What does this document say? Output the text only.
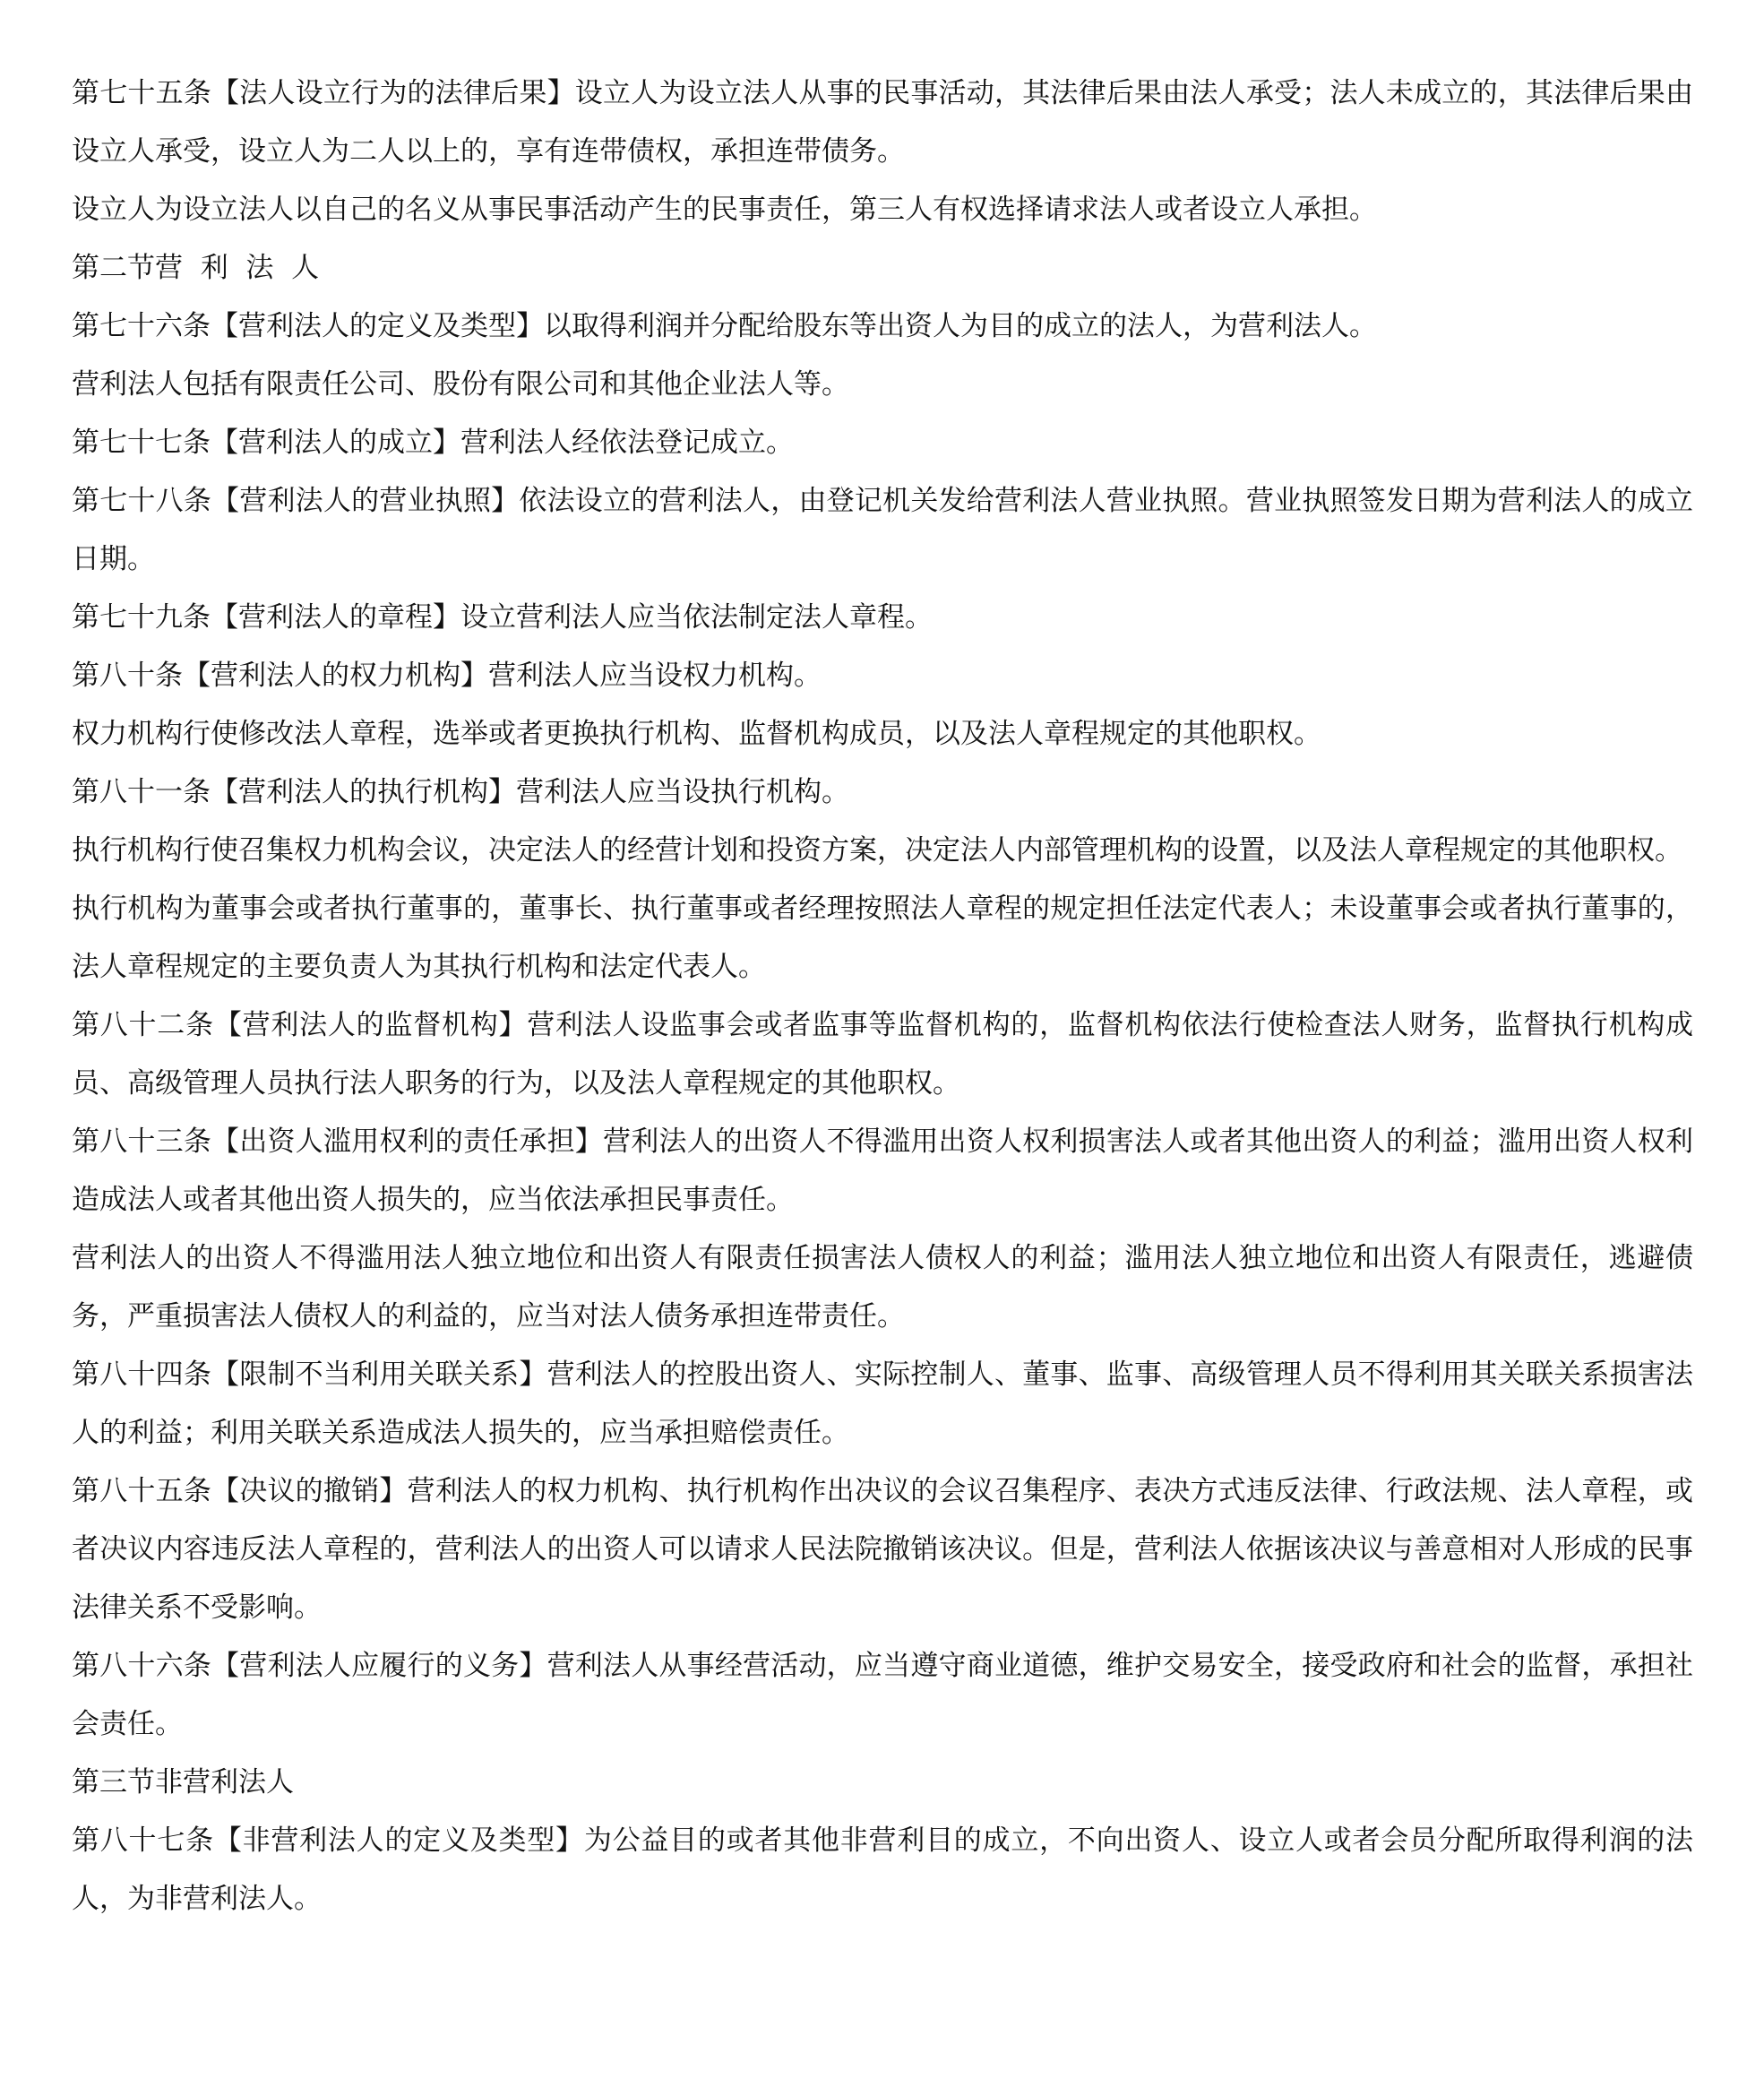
第七十五条【法人设立行为的法律后果】设立人为设立法人从事的民事活动，其法律后果由法人承受；法人未成立的，其法律后果由设立人承受，设立人为二人以上的，享有连带债权，承担连带债务。

设立人为设立法人以自己的名义从事民事活动产生的民事责任，第三人有权选择请求法人或者设立人承担。

第二节营  利  法  人

第七十六条【营利法人的定义及类型】以取得利润并分配给股东等出资人为目的成立的法人，为营利法人。

营利法人包括有限责任公司、股份有限公司和其他企业法人等。

第七十七条【营利法人的成立】营利法人经依法登记成立。

第七十八条【营利法人的营业执照】依法设立的营利法人，由登记机关发给营利法人营业执照。营业执照签发日期为营利法人的成立日期。

第七十九条【营利法人的章程】设立营利法人应当依法制定法人章程。

第八十条【营利法人的权力机构】营利法人应当设权力机构。

权力机构行使修改法人章程，选举或者更换执行机构、监督机构成员，以及法人章程规定的其他职权。

第八十一条【营利法人的执行机构】营利法人应当设执行机构。

执行机构行使召集权力机构会议，决定法人的经营计划和投资方案，决定法人内部管理机构的设置，以及法人章程规定的其他职权。

执行机构为董事会或者执行董事的，董事长、执行董事或者经理按照法人章程的规定担任法定代表人；未设董事会或者执行董事的，法人章程规定的主要负责人为其执行机构和法定代表人。

第八十二条【营利法人的监督机构】营利法人设监事会或者监事等监督机构的，监督机构依法行使检查法人财务，监督执行机构成员、高级管理人员执行法人职务的行为，以及法人章程规定的其他职权。

第八十三条【出资人滥用权利的责任承担】营利法人的出资人不得滥用出资人权利损害法人或者其他出资人的利益；滥用出资人权利造成法人或者其他出资人损失的，应当依法承担民事责任。

营利法人的出资人不得滥用法人独立地位和出资人有限责任损害法人债权人的利益；滥用法人独立地位和出资人有限责任，逃避债务，严重损害法人债权人的利益的，应当对法人债务承担连带责任。

第八十四条【限制不当利用关联关系】营利法人的控股出资人、实际控制人、董事、监事、高级管理人员不得利用其关联关系损害法人的利益；利用关联关系造成法人损失的，应当承担赔偿责任。

第八十五条【决议的撤销】营利法人的权力机构、执行机构作出决议的会议召集程序、表决方式违反法律、行政法规、法人章程，或者决议内容违反法人章程的，营利法人的出资人可以请求人民法院撤销该决议。但是，营利法人依据该决议与善意相对人形成的民事法律关系不受影响。

第八十六条【营利法人应履行的义务】营利法人从事经营活动，应当遵守商业道德，维护交易安全，接受政府和社会的监督，承担社会责任。

第三节非营利法人

第八十七条【非营利法人的定义及类型】为公益目的或者其他非营利目的成立，不向出资人、设立人或者会员分配所取得利润的法人，为非营利法人。
